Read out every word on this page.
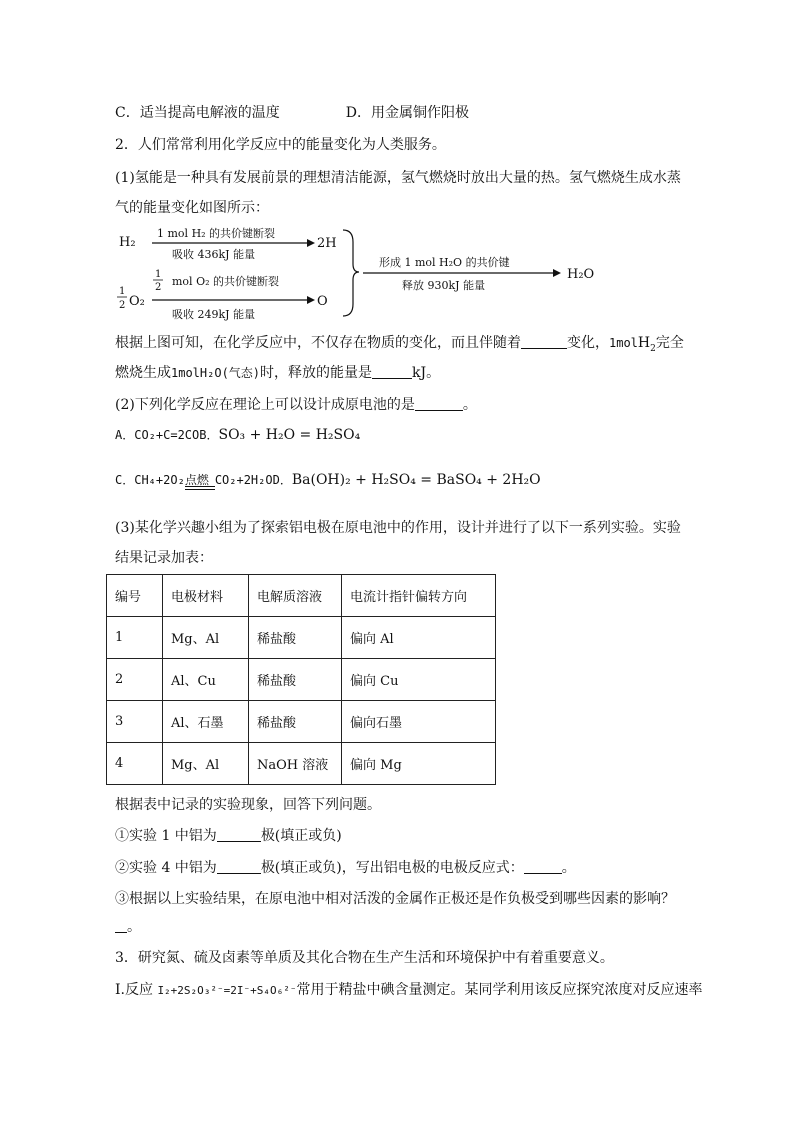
C．适当提高电解液的温度	D．用金属铜作阳极
2．人们常常利用化学反应中的能量变化为人类服务。
(1)氢能是一种具有发展前景的理想清洁能源，氢气燃烧时放出大量的热。氢气燃烧生成水蒸
气的能量变化如图所示：
H₂
1 mol H₂ 的共价键断裂
吸收 436kJ 能量
2H
1
2 mol O₂ 的共价键断裂
1
2 O₂
吸收 249kJ 能量
O
形成 1 mol H₂O 的共价键
释放 930kJ 能量
H₂O
根据上图可知，在化学反应中，不仅存在物质的变化，而且伴随着	变化，1molH$_2$完全
燃烧生成1molH₂O(气态)时，释放的能量是	kJ。
(2)下列化学反应在理论上可以设计成原电池的是	。
A．CO₂+C=2COB．SO₃ + H₂O = H₂SO₄
C．CH₄+2O₂ 点燃 CO₂+2H₂OD．Ba(OH)₂ + H₂SO₄ = BaSO₄ + 2H₂O
(3)某化学兴趣小组为了探索铝电极在原电池中的作用，设计并进行了以下一系列实验。实验
结果记录加表：
编号	电极材料	电解质溶液	电流计指针偏转方向
1	Mg、Al	稀盐酸	偏向 Al
2	Al、Cu	稀盐酸	偏向 Cu
3	Al、石墨	稀盐酸	偏向石墨
4	Mg、Al	NaOH 溶液	偏向 Mg
根据表中记录的实验现象，回答下列问题。
①实验 1 中铝为	极(填正或负)
②实验 4 中铝为	极(填正或负)，写出铝电极的电极反应式：	。
③根据以上实验结果，在原电池中相对活泼的金属作正极还是作负极受到哪些因素的影响？
。
3．研究氮、硫及卤素等单质及其化合物在生产生活和环境保护中有着重要意义。
I.反应 I₂+2S₂O₃²⁻=2I⁻+S₄O₆²⁻常用于精盐中碘含量测定。某同学利用该反应探究浓度对反应速率
